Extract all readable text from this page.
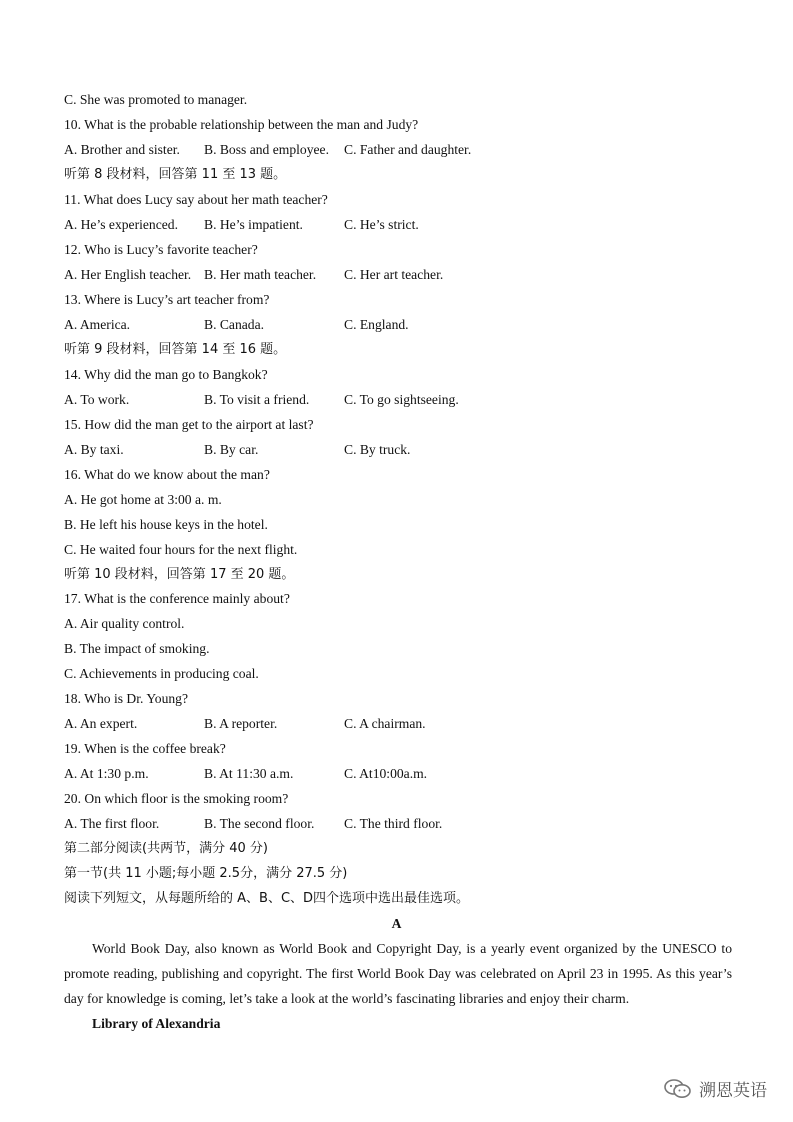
C. She was promoted to manager.
10. What is the probable relationship between the man and Judy?
A. Brother and sister. B. Boss and employee. C. Father and daughter.
听第 8 段材料，回答第 11 至 13 题。
11. What does Lucy say about her math teacher?
A. He’s experienced. B. He’s impatient.	C. He’s strict.
12. Who is Lucy’s favorite teacher?
A. Her English teacher. B. Her math teacher. C. Her art teacher.
13. Where is Lucy’s art teacher from?
A. America.	B. Canada.	C. England.
听第 9 段材料，回答第 14 至 16 题。
14. Why did the man go to Bangkok?
A. To work.	B. To visit a friend.	C. To go sightseeing.
15. How did the man get to the airport at last?
A. By taxi.	B. By car.	C. By truck.
16. What do we know about the man?
A. He got home at 3:00 a. m.
B. He left his house keys in the hotel.
C. He waited four hours for the next flight.
听第 10 段材料，回答第 17 至 20 题。
17. What is the conference mainly about?
A. Air quality control.
B. The impact of smoking.
C. Achievements in producing coal.
18. Who is Dr. Young?
A. An expert.	B. A reporter.	C. A chairman.
19. When is the coffee break?
A. At 1:30 p.m.	B. At 11:30 a.m.	C. At10:00a.m.
20. On which floor is the smoking room?
A. The first floor.	B. The second floor. C. The third floor.
第二部分阅读(共两节，满分 40 分)
第一节(共 11 小题;每小题 2.5分，满分 27.5 分)
阅读下列短文，从每题所给的 A、B、C、D四个选项中选出最佳选项。
A
World Book Day, also known as World Book and Copyright Day, is a yearly event organized by the UNESCO to promote reading, publishing and copyright. The first World Book Day was celebrated on April 23 in 1995. As this year’s day for knowledge is coming, let’s take a look at the world’s fascinating libraries and enjoy their charm.
Library of Alexandria
溯恩英语
